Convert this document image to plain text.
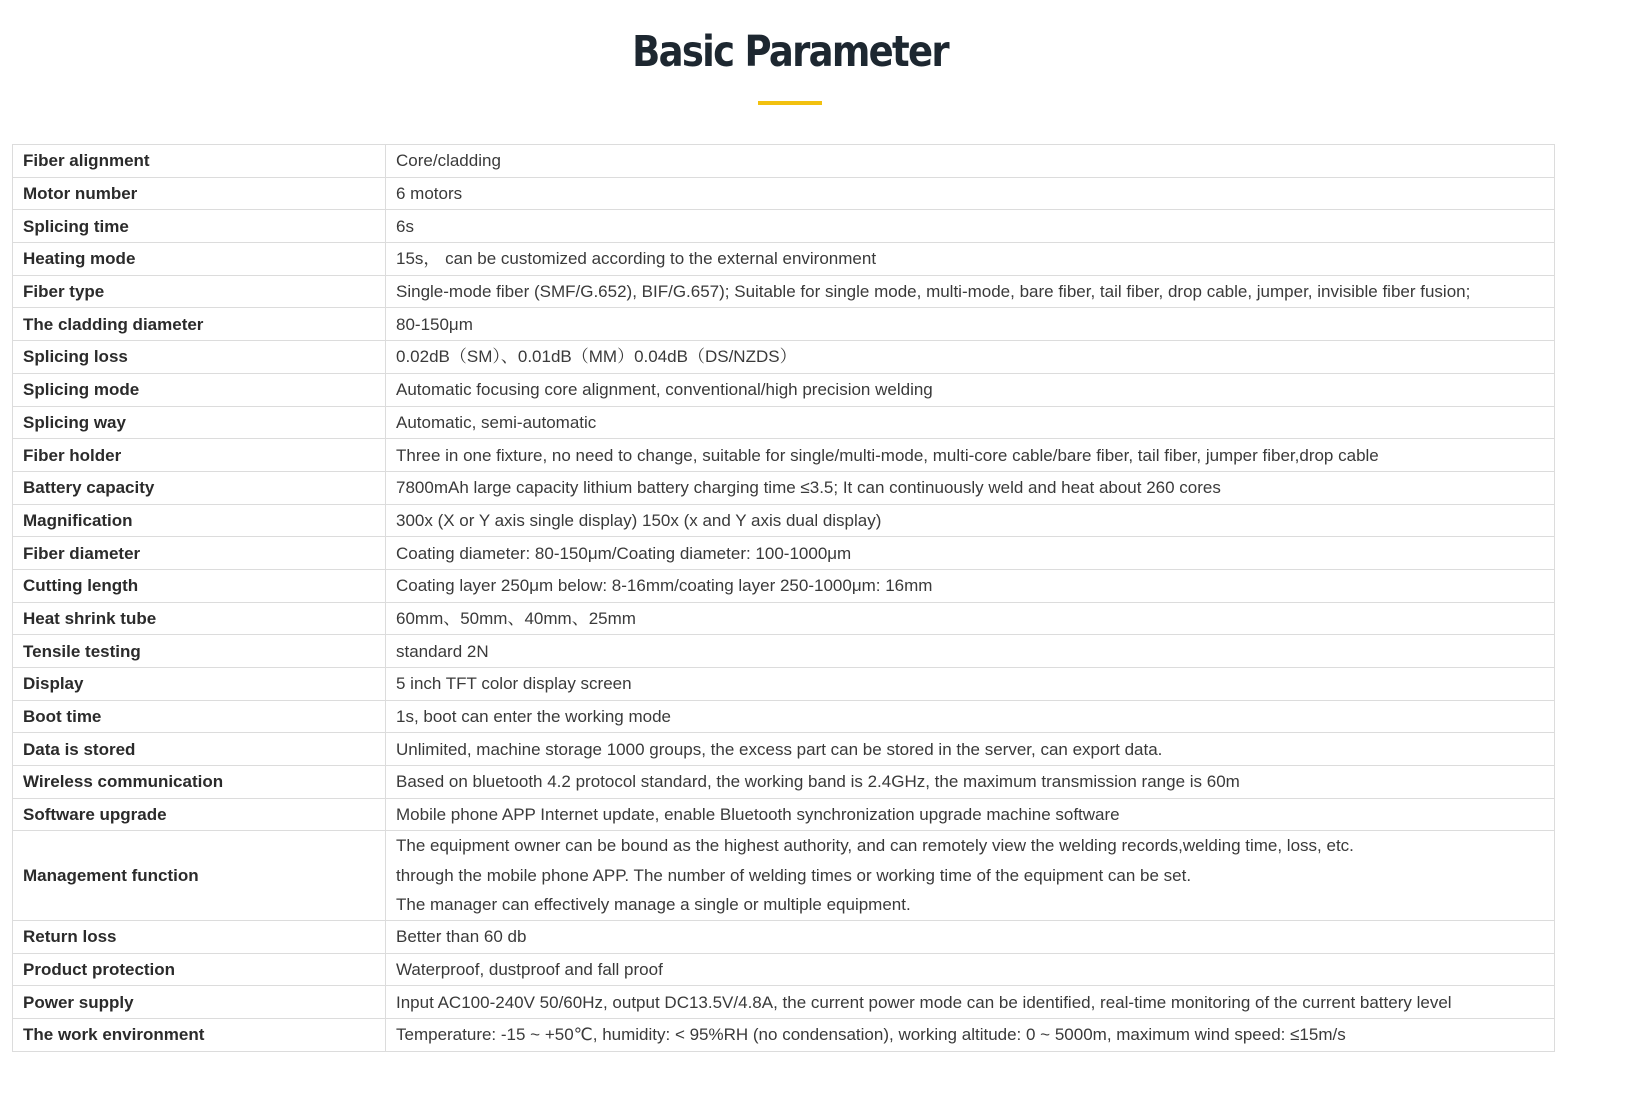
Basic Parameter
Fiber alignment	Core/cladding
Motor number	6 motors
Splicing time	6s
Heating mode	15s， can be customized according to the external environment
Fiber type	Single-mode fiber (SMF/G.652), BIF/G.657); Suitable for single mode, multi-mode, bare fiber, tail fiber, drop cable, jumper, invisible fiber fusion;
The cladding diameter	80-150μm
Splicing loss	0.02dB（SM）、0.01dB（MM）0.04dB（DS/NZDS）
Splicing mode	Automatic focusing core alignment, conventional/high precision welding
Splicing way	Automatic, semi-automatic
Fiber holder	Three in one fixture, no need to change, suitable for single/multi-mode, multi-core cable/bare fiber, tail fiber, jumper fiber,drop cable
Battery capacity	7800mAh large capacity lithium battery charging time ≤3.5; It can continuously weld and heat about 260 cores
Magnification	300x (X or Y axis single display) 150x (x and Y axis dual display)
Fiber diameter	Coating diameter: 80-150μm/Coating diameter: 100-1000μm
Cutting length	Coating layer 250μm below: 8-16mm/coating layer 250-1000μm: 16mm
Heat shrink tube	60mm、50mm、40mm、25mm
Tensile testing	standard 2N
Display	5 inch TFT color display screen
Boot time	1s, boot can enter the working mode
Data is stored	Unlimited, machine storage 1000 groups, the excess part can be stored in the server, can export data.
Wireless communication	Based on bluetooth 4.2 protocol standard, the working band is 2.4GHz, the maximum transmission range is 60m
Software upgrade	Mobile phone APP Internet update, enable Bluetooth synchronization upgrade machine software
Management function	The equipment owner can be bound as the highest authority, and can remotely view the welding records,welding time, loss, etc.
through the mobile phone APP. The number of welding times or working time of the equipment can be set.
The manager can effectively manage a single or multiple equipment.

Return loss	Better than 60 db
Product protection	Waterproof, dustproof and fall proof
Power supply	Input AC100-240V 50/60Hz, output DC13.5V/4.8A, the current power mode can be identified, real-time monitoring of the current battery level
The work environment	Temperature: -15 ~ +50℃, humidity: < 95%RH (no condensation), working altitude: 0 ~ 5000m, maximum wind speed: ≤15m/s
